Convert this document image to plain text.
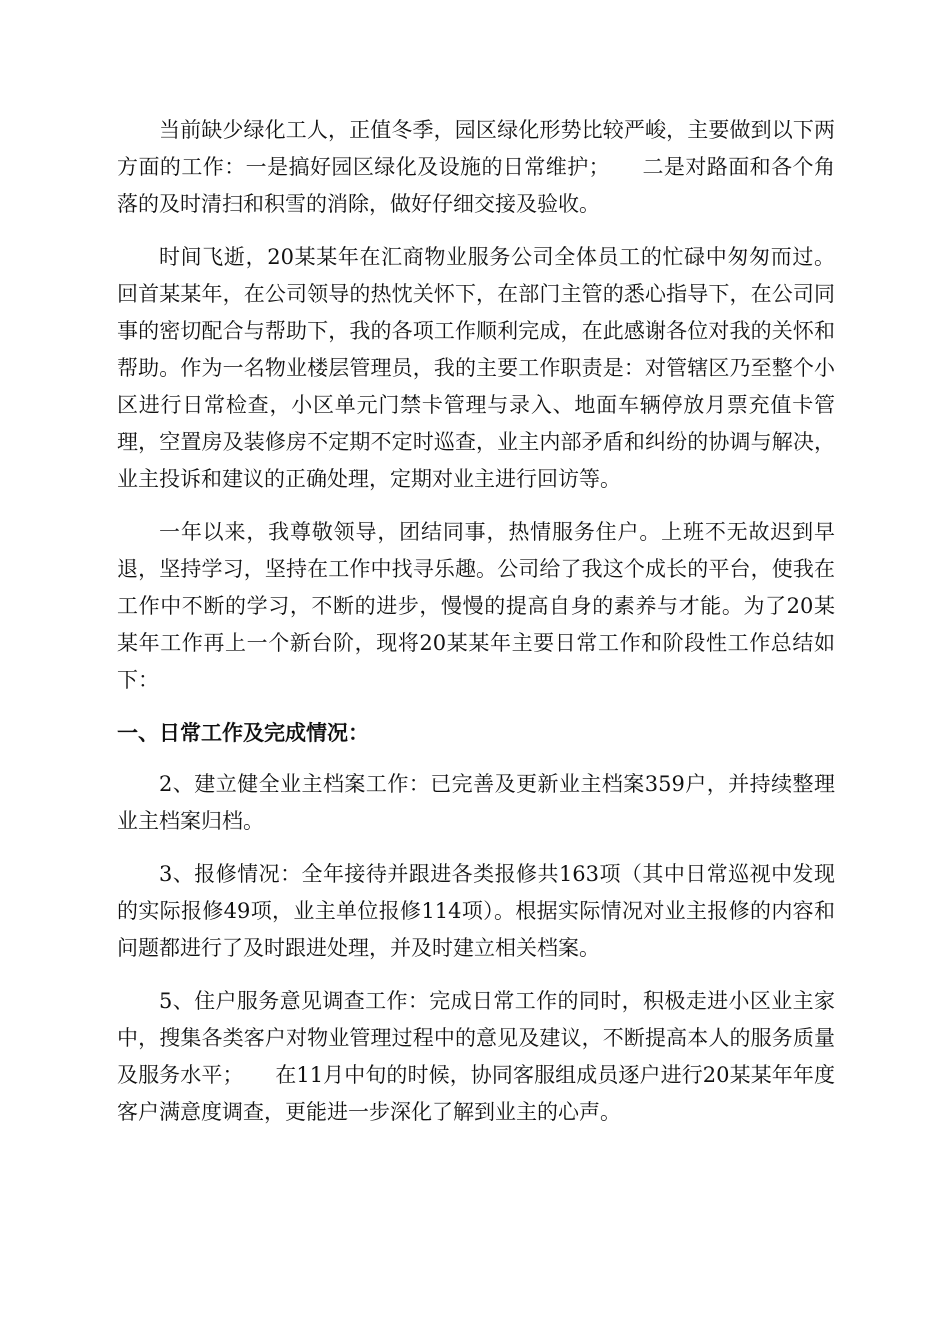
当前缺少绿化工人，正值冬季，园区绿化形势比较严峻，主要做到以下两方面的工作：一是搞好园区绿化及设施的日常维护；　　二是对路面和各个角落的及时清扫和积雪的消除，做好仔细交接及验收。

时间飞逝，20某某年在汇商物业服务公司全体员工的忙碌中匆匆而过。回首某某年，在公司领导的热忱关怀下，在部门主管的悉心指导下，在公司同事的密切配合与帮助下，我的各项工作顺利完成，在此感谢各位对我的关怀和帮助。作为一名物业楼层管理员，我的主要工作职责是：对管辖区乃至整个小区进行日常检查，小区单元门禁卡管理与录入、地面车辆停放月票充值卡管理，空置房及装修房不定期不定时巡查，业主内部矛盾和纠纷的协调与解决，业主投诉和建议的正确处理，定期对业主进行回访等。

一年以来，我尊敬领导，团结同事，热情服务住户。上班不无故迟到早退，坚持学习，坚持在工作中找寻乐趣。公司给了我这个成长的平台，使我在工作中不断的学习，不断的进步，慢慢的提高自身的素养与才能。为了20某某年工作再上一个新台阶，现将20某某年主要日常工作和阶段性工作总结如下：

一、日常工作及完成情况：

2、建立健全业主档案工作：已完善及更新业主档案359户，并持续整理业主档案归档。

3、报修情况：全年接待并跟进各类报修共163项（其中日常巡视中发现的实际报修49项，业主单位报修114项）。根据实际情况对业主报修的内容和问题都进行了及时跟进处理，并及时建立相关档案。

5、住户服务意见调查工作：完成日常工作的同时，积极走进小区业主家中，搜集各类客户对物业管理过程中的意见及建议，不断提高本人的服务质量及服务水平；　　在11月中旬的时候，协同客服组成员逐户进行20某某年年度客户满意度调查，更能进一步深化了解到业主的心声。
